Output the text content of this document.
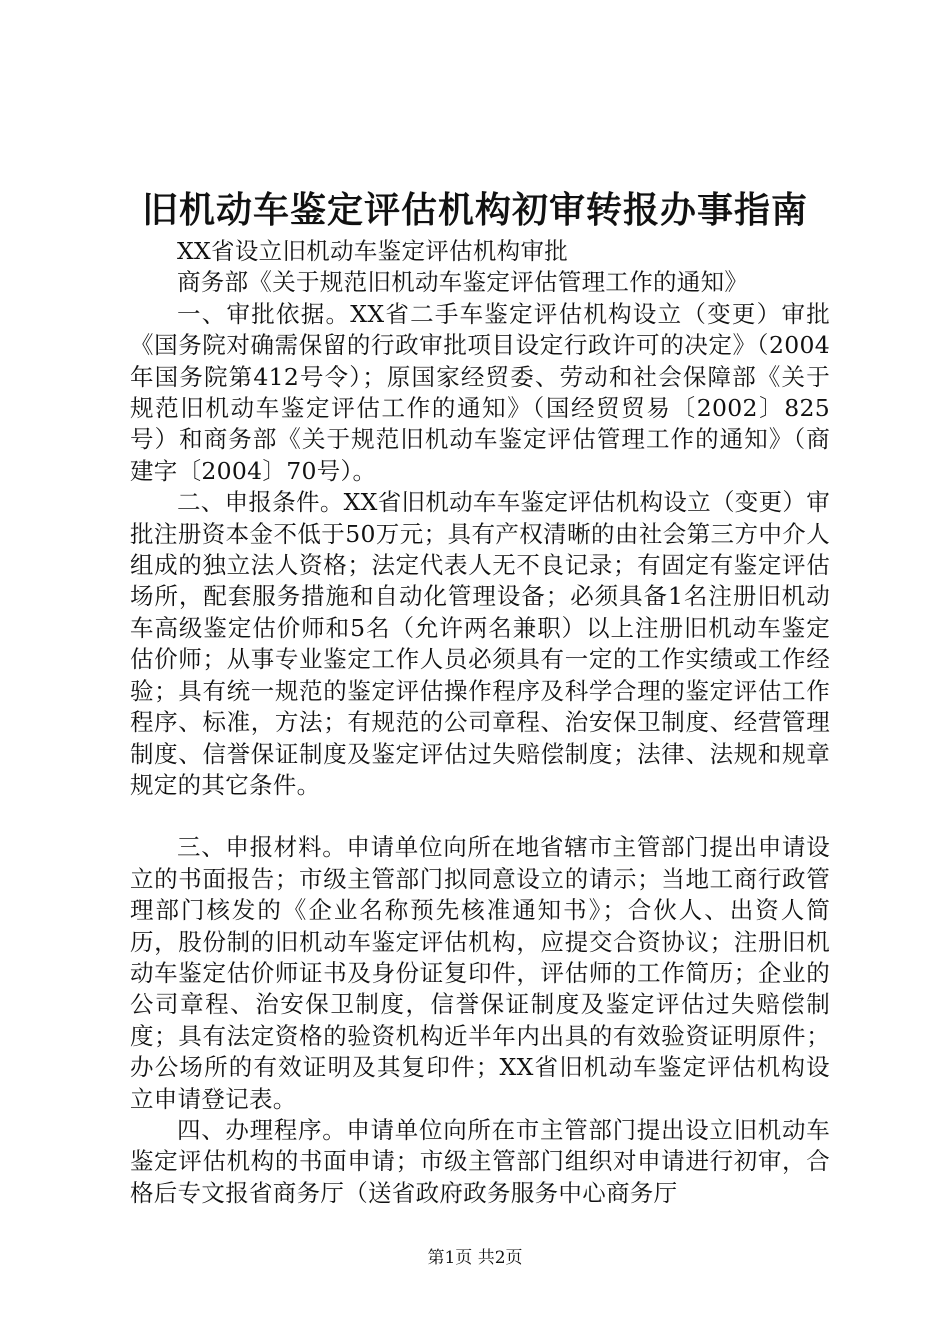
旧机动车鉴定评估机构初审转报办事指南

XX省设立旧机动车鉴定评估机构审批

商务部《关于规范旧机动车鉴定评估管理工作的通知》

一、审批依据。XX省二手车鉴定评估机构设立（变更）审批《国务院对确需保留的行政审批项目设定行政许可的决定》（2004年国务院第412号令）；原国家经贸委、劳动和社会保障部《关于规范旧机动车鉴定评估工作的通知》（国经贸贸易〔2002〕825号）和商务部《关于规范旧机动车鉴定评估管理工作的通知》（商建字〔2004〕70号）。

二、申报条件。XX省旧机动车车鉴定评估机构设立（变更）审批注册资本金不低于50万元；具有产权清晰的由社会第三方中介人组成的独立法人资格；法定代表人无不良记录；有固定有鉴定评估场所，配套服务措施和自动化管理设备；必须具备1名注册旧机动车高级鉴定估价师和5名（允许两名兼职）以上注册旧机动车鉴定估价师；从事专业鉴定工作人员必须具有一定的工作实绩或工作经验；具有统一规范的鉴定评估操作程序及科学合理的鉴定评估工作程序、标准，方法；有规范的公司章程、治安保卫制度、经营管理制度、信誉保证制度及鉴定评估过失赔偿制度；法律、法规和规章规定的其它条件。

三、申报材料。申请单位向所在地省辖市主管部门提出申请设立的书面报告；市级主管部门拟同意设立的请示；当地工商行政管理部门核发的《企业名称预先核准通知书》；合伙人、出资人简历，股份制的旧机动车鉴定评估机构，应提交合资协议；注册旧机动车鉴定估价师证书及身份证复印件，评估师的工作简历；企业的公司章程、治安保卫制度，信誉保证制度及鉴定评估过失赔偿制度；具有法定资格的验资机构近半年内出具的有效验资证明原件；办公场所的有效证明及其复印件；XX省旧机动车鉴定评估机构设立申请登记表。

四、办理程序。申请单位向所在市主管部门提出设立旧机动车鉴定评估机构的书面申请；市级主管部门组织对申请进行初审，合格后专文报省商务厅（送省政府政务服务中心商务厅

第1页 共2页
